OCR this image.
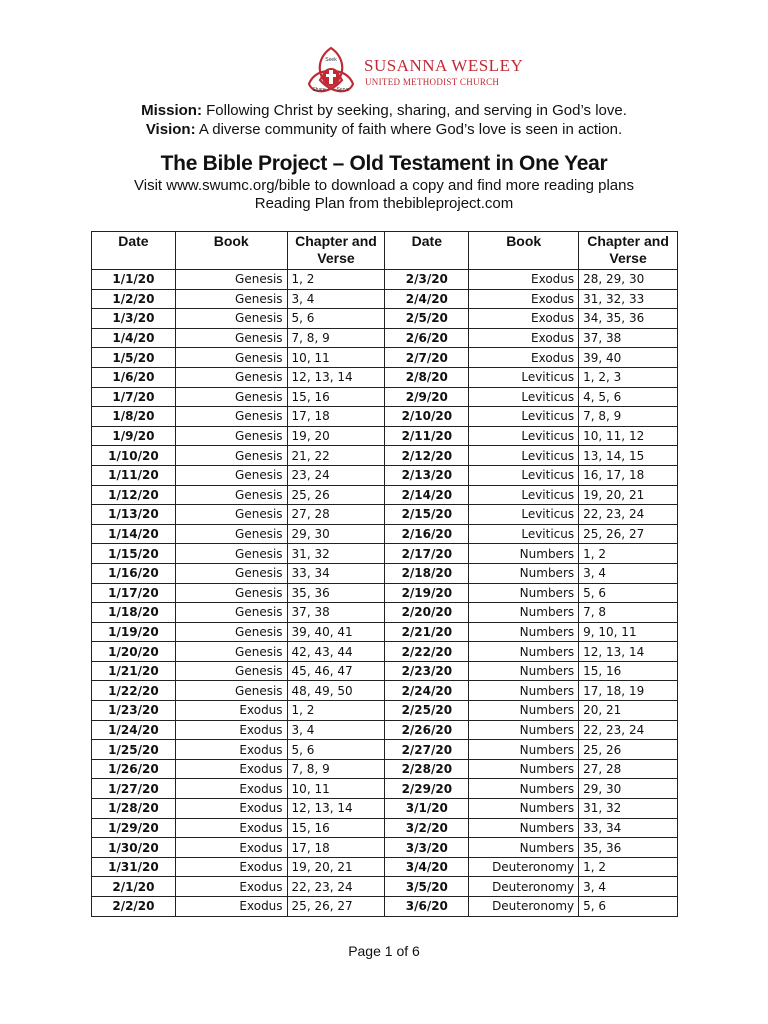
Seek
Share Serve
SUSANNA WESLEY
UNITED METHODIST CHURCH
Mission: Following Christ by seeking, sharing, and serving in God’s love.
Vision: A diverse community of faith where God’s love is seen in action.
The Bible Project – Old Testament in One Year
Visit www.swumc.org/bible to download a copy and find more reading plans
Reading Plan from thebibleproject.com
Date	Book	Chapter and Verse	Date	Book	Chapter and Verse
1/1/20	Genesis	1, 2	2/3/20	Exodus	28, 29, 30
1/2/20	Genesis	3, 4	2/4/20	Exodus	31, 32, 33
1/3/20	Genesis	5, 6	2/5/20	Exodus	34, 35, 36
1/4/20	Genesis	7, 8, 9	2/6/20	Exodus	37, 38
1/5/20	Genesis	10, 11	2/7/20	Exodus	39, 40
1/6/20	Genesis	12, 13, 14	2/8/20	Leviticus	1, 2, 3
1/7/20	Genesis	15, 16	2/9/20	Leviticus	4, 5, 6
1/8/20	Genesis	17, 18	2/10/20	Leviticus	7, 8, 9
1/9/20	Genesis	19, 20	2/11/20	Leviticus	10, 11, 12
1/10/20	Genesis	21, 22	2/12/20	Leviticus	13, 14, 15
1/11/20	Genesis	23, 24	2/13/20	Leviticus	16, 17, 18
1/12/20	Genesis	25, 26	2/14/20	Leviticus	19, 20, 21
1/13/20	Genesis	27, 28	2/15/20	Leviticus	22, 23, 24
1/14/20	Genesis	29, 30	2/16/20	Leviticus	25, 26, 27
1/15/20	Genesis	31, 32	2/17/20	Numbers	1, 2
1/16/20	Genesis	33, 34	2/18/20	Numbers	3, 4
1/17/20	Genesis	35, 36	2/19/20	Numbers	5, 6
1/18/20	Genesis	37, 38	2/20/20	Numbers	7, 8
1/19/20	Genesis	39, 40, 41	2/21/20	Numbers	9, 10, 11
1/20/20	Genesis	42, 43, 44	2/22/20	Numbers	12, 13, 14
1/21/20	Genesis	45, 46, 47	2/23/20	Numbers	15, 16
1/22/20	Genesis	48, 49, 50	2/24/20	Numbers	17, 18, 19
1/23/20	Exodus	1, 2	2/25/20	Numbers	20, 21
1/24/20	Exodus	3, 4	2/26/20	Numbers	22, 23, 24
1/25/20	Exodus	5, 6	2/27/20	Numbers	25, 26
1/26/20	Exodus	7, 8, 9	2/28/20	Numbers	27, 28
1/27/20	Exodus	10, 11	2/29/20	Numbers	29, 30
1/28/20	Exodus	12, 13, 14	3/1/20	Numbers	31, 32
1/29/20	Exodus	15, 16	3/2/20	Numbers	33, 34
1/30/20	Exodus	17, 18	3/3/20	Numbers	35, 36
1/31/20	Exodus	19, 20, 21	3/4/20	Deuteronomy	1, 2
2/1/20	Exodus	22, 23, 24	3/5/20	Deuteronomy	3, 4
2/2/20	Exodus	25, 26, 27	3/6/20	Deuteronomy	5, 6
Page 1 of 6
